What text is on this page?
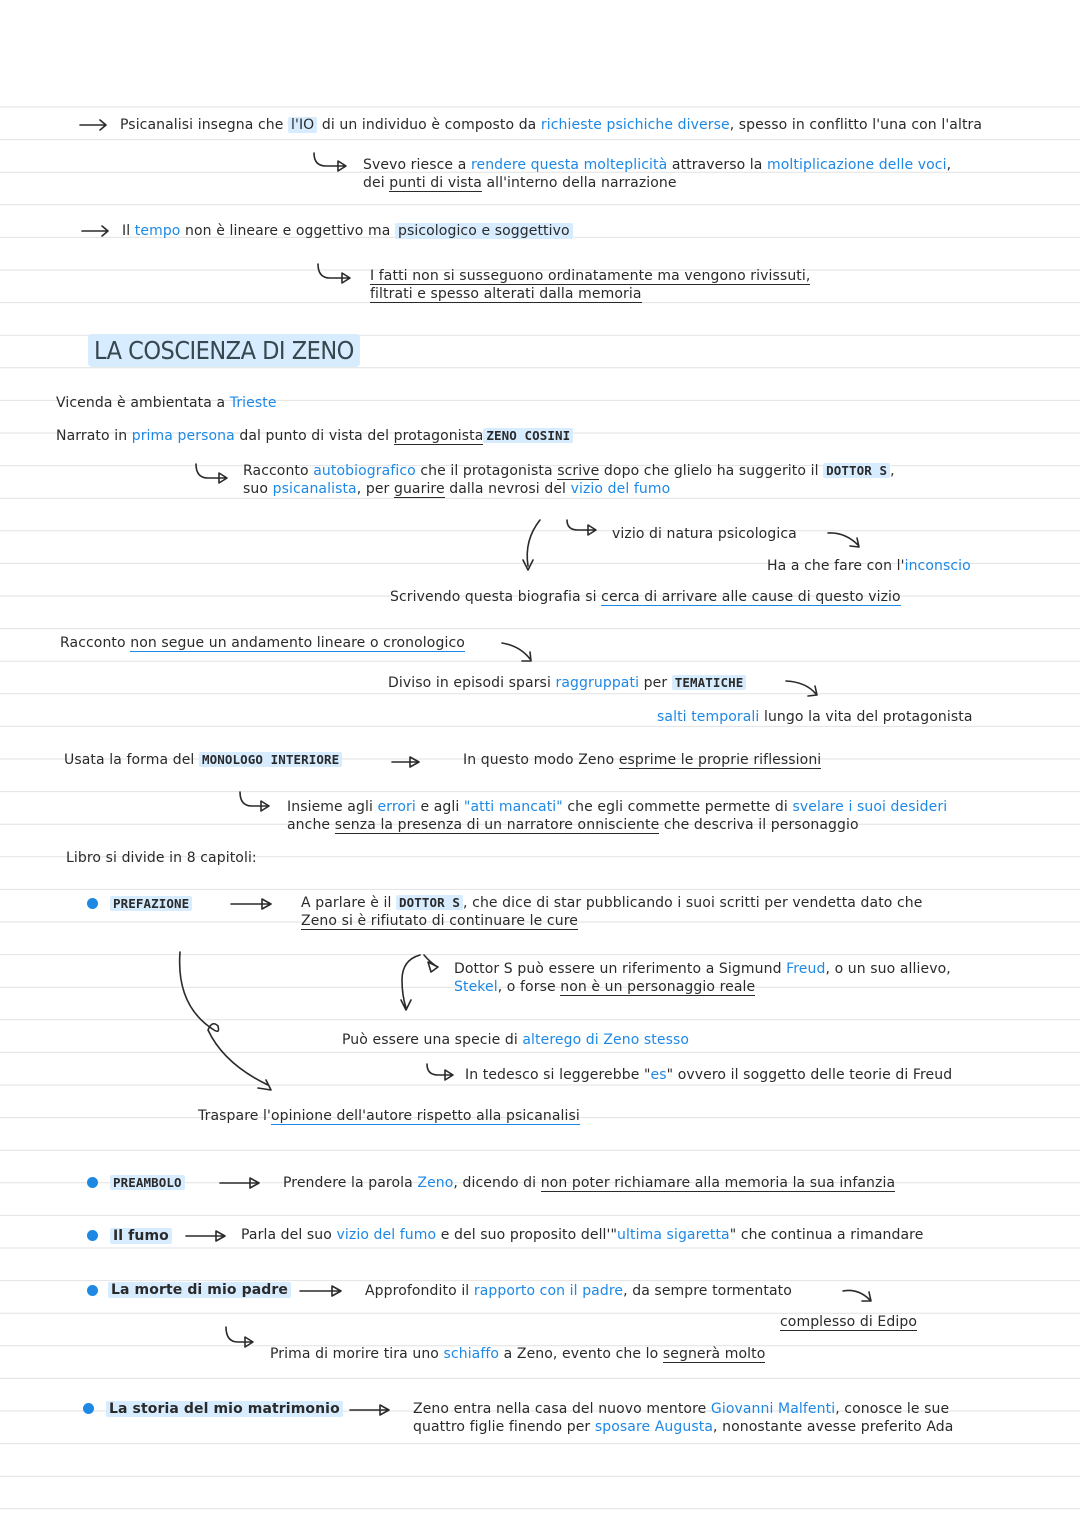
Psicanalisi insegna che l'IO di un individuo è composto da richieste psichiche diverse, spesso in conflitto l'una con l'altra
Svevo riesce a rendere questa molteplicità attraverso la moltiplicazione delle voci,
dei punti di vista all'interno della narrazione
Il tempo non è lineare e oggettivo ma psicologico e soggettivo
I fatti non si susseguono ordinatamente ma vengono rivissuti,
filtrati e spesso alterati dalla memoria
LA COSCIENZA DI ZENO
Vicenda è ambientata a Trieste
Narrato in prima persona dal punto di vista del protagonista ZENO COSINI
Racconto autobiografico che il protagonista scrive dopo che glielo ha suggerito il DOTTOR S ,
suo psicanalista, per guarire dalla nevrosi del vizio del fumo
vizio di natura psicologica
Ha a che fare con l'inconscio
Scrivendo questa biografia si cerca di arrivare alle cause di questo vizio
Racconto non segue un andamento lineare o cronologico
Diviso in episodi sparsi raggruppati per TEMATICHE
salti temporali lungo la vita del protagonista
Usata la forma del MONOLOGO INTERIORE	In questo modo Zeno esprime le proprie riflessioni
Insieme agli errori e agli "atti mancati" che egli commette permette di svelare i suoi desideri
anche senza la presenza di un narratore onnisciente che descriva il personaggio
Libro si divide in 8 capitoli:
PREFAZIONE	A parlare è il DOTTOR S , che dice di star pubblicando i suoi scritti per vendetta dato che
Zeno si è rifiutato di continuare le cure
Dottor S può essere un riferimento a Sigmund Freud, o un suo allievo,
Stekel, o forse non è un personaggio reale
Può essere una specie di alterego di Zeno stesso
In tedesco si leggerebbe "es" ovvero il soggetto delle teorie di Freud
Traspare l'opinione dell'autore rispetto alla psicanalisi
PREAMBOLO	Prendere la parola Zeno, dicendo di non poter richiamare alla memoria la sua infanzia
Il fumo	Parla del suo vizio del fumo e del suo proposito dell'"ultima sigaretta" che continua a rimandare
La morte di mio padre	Approfondito il rapporto con il padre, da sempre tormentato
complesso di Edipo
Prima di morire tira uno schiaffo a Zeno, evento che lo segnerà molto
La storia del mio matrimonio	Zeno entra nella casa del nuovo mentore Giovanni Malfenti, conosce le sue
quattro figlie finendo per sposare Augusta, nonostante avesse preferito Ada
